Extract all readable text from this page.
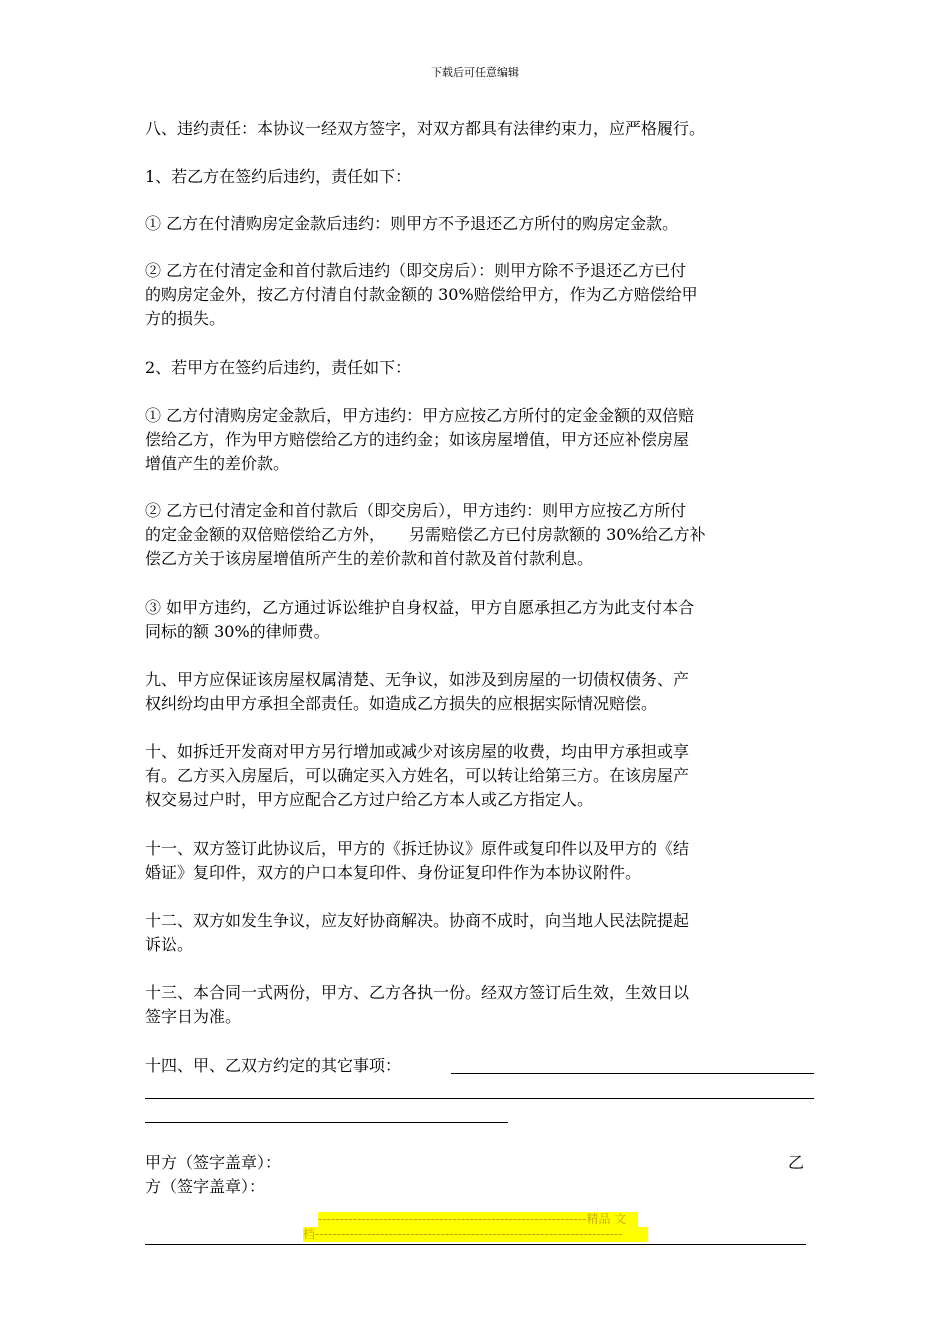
下载后可任意编辑

八、违约责任：本协议一经双方签字，对双方都具有法律约束力，应严格履行。

1、若乙方在签约后违约，责任如下：

① 乙方在付清购房定金款后违约：则甲方不予退还乙方所付的购房定金款。

② 乙方在付清定金和首付款后违约（即交房后）：则甲方除不予退还乙方已付
的购房定金外，按乙方付清自付款金额的 30%赔偿给甲方，作为乙方赔偿给甲
方的损失。

2、若甲方在签约后违约，责任如下：

① 乙方付清购房定金款后，甲方违约：甲方应按乙方所付的定金金额的双倍赔
偿给乙方，作为甲方赔偿给乙方的违约金；如该房屋增值，甲方还应补偿房屋
增值产生的差价款。

② 乙方已付清定金和首付款后（即交房后），甲方违约：则甲方应按乙方所付
的定金金额的双倍赔偿给乙方外，　　另需赔偿乙方已付房款额的 30%给乙方补
偿乙方关于该房屋增值所产生的差价款和首付款及首付款利息。

③ 如甲方违约，乙方通过诉讼维护自身权益，甲方自愿承担乙方为此支付本合
同标的额 30%的律师费。

九、甲方应保证该房屋权属清楚、无争议，如涉及到房屋的一切债权债务、产
权纠纷均由甲方承担全部责任。如造成乙方损失的应根据实际情况赔偿。

十、如拆迁开发商对甲方另行增加或减少对该房屋的收费，均由甲方承担或享
有。乙方买入房屋后，可以确定买入方姓名，可以转让给第三方。在该房屋产
权交易过户时，甲方应配合乙方过户给乙方本人或乙方指定人。

十一、双方签订此协议后，甲方的《拆迁协议》原件或复印件以及甲方的《结
婚证》复印件，双方的户口本复印件、身份证复印件作为本协议附件。

十二、双方如发生争议，应友好协商解决。协商不成时，向当地人民法院提起
诉讼。

十三、本合同一式两份，甲方、乙方各执一份。经双方签订后生效，生效日以
签字日为准。

十四、甲、乙双方约定的其它事项：

甲方（签字盖章）：	乙

方（签字盖章）：

--------------------------------------------------------------精品 文
档-----------------------------------------------------------------------
